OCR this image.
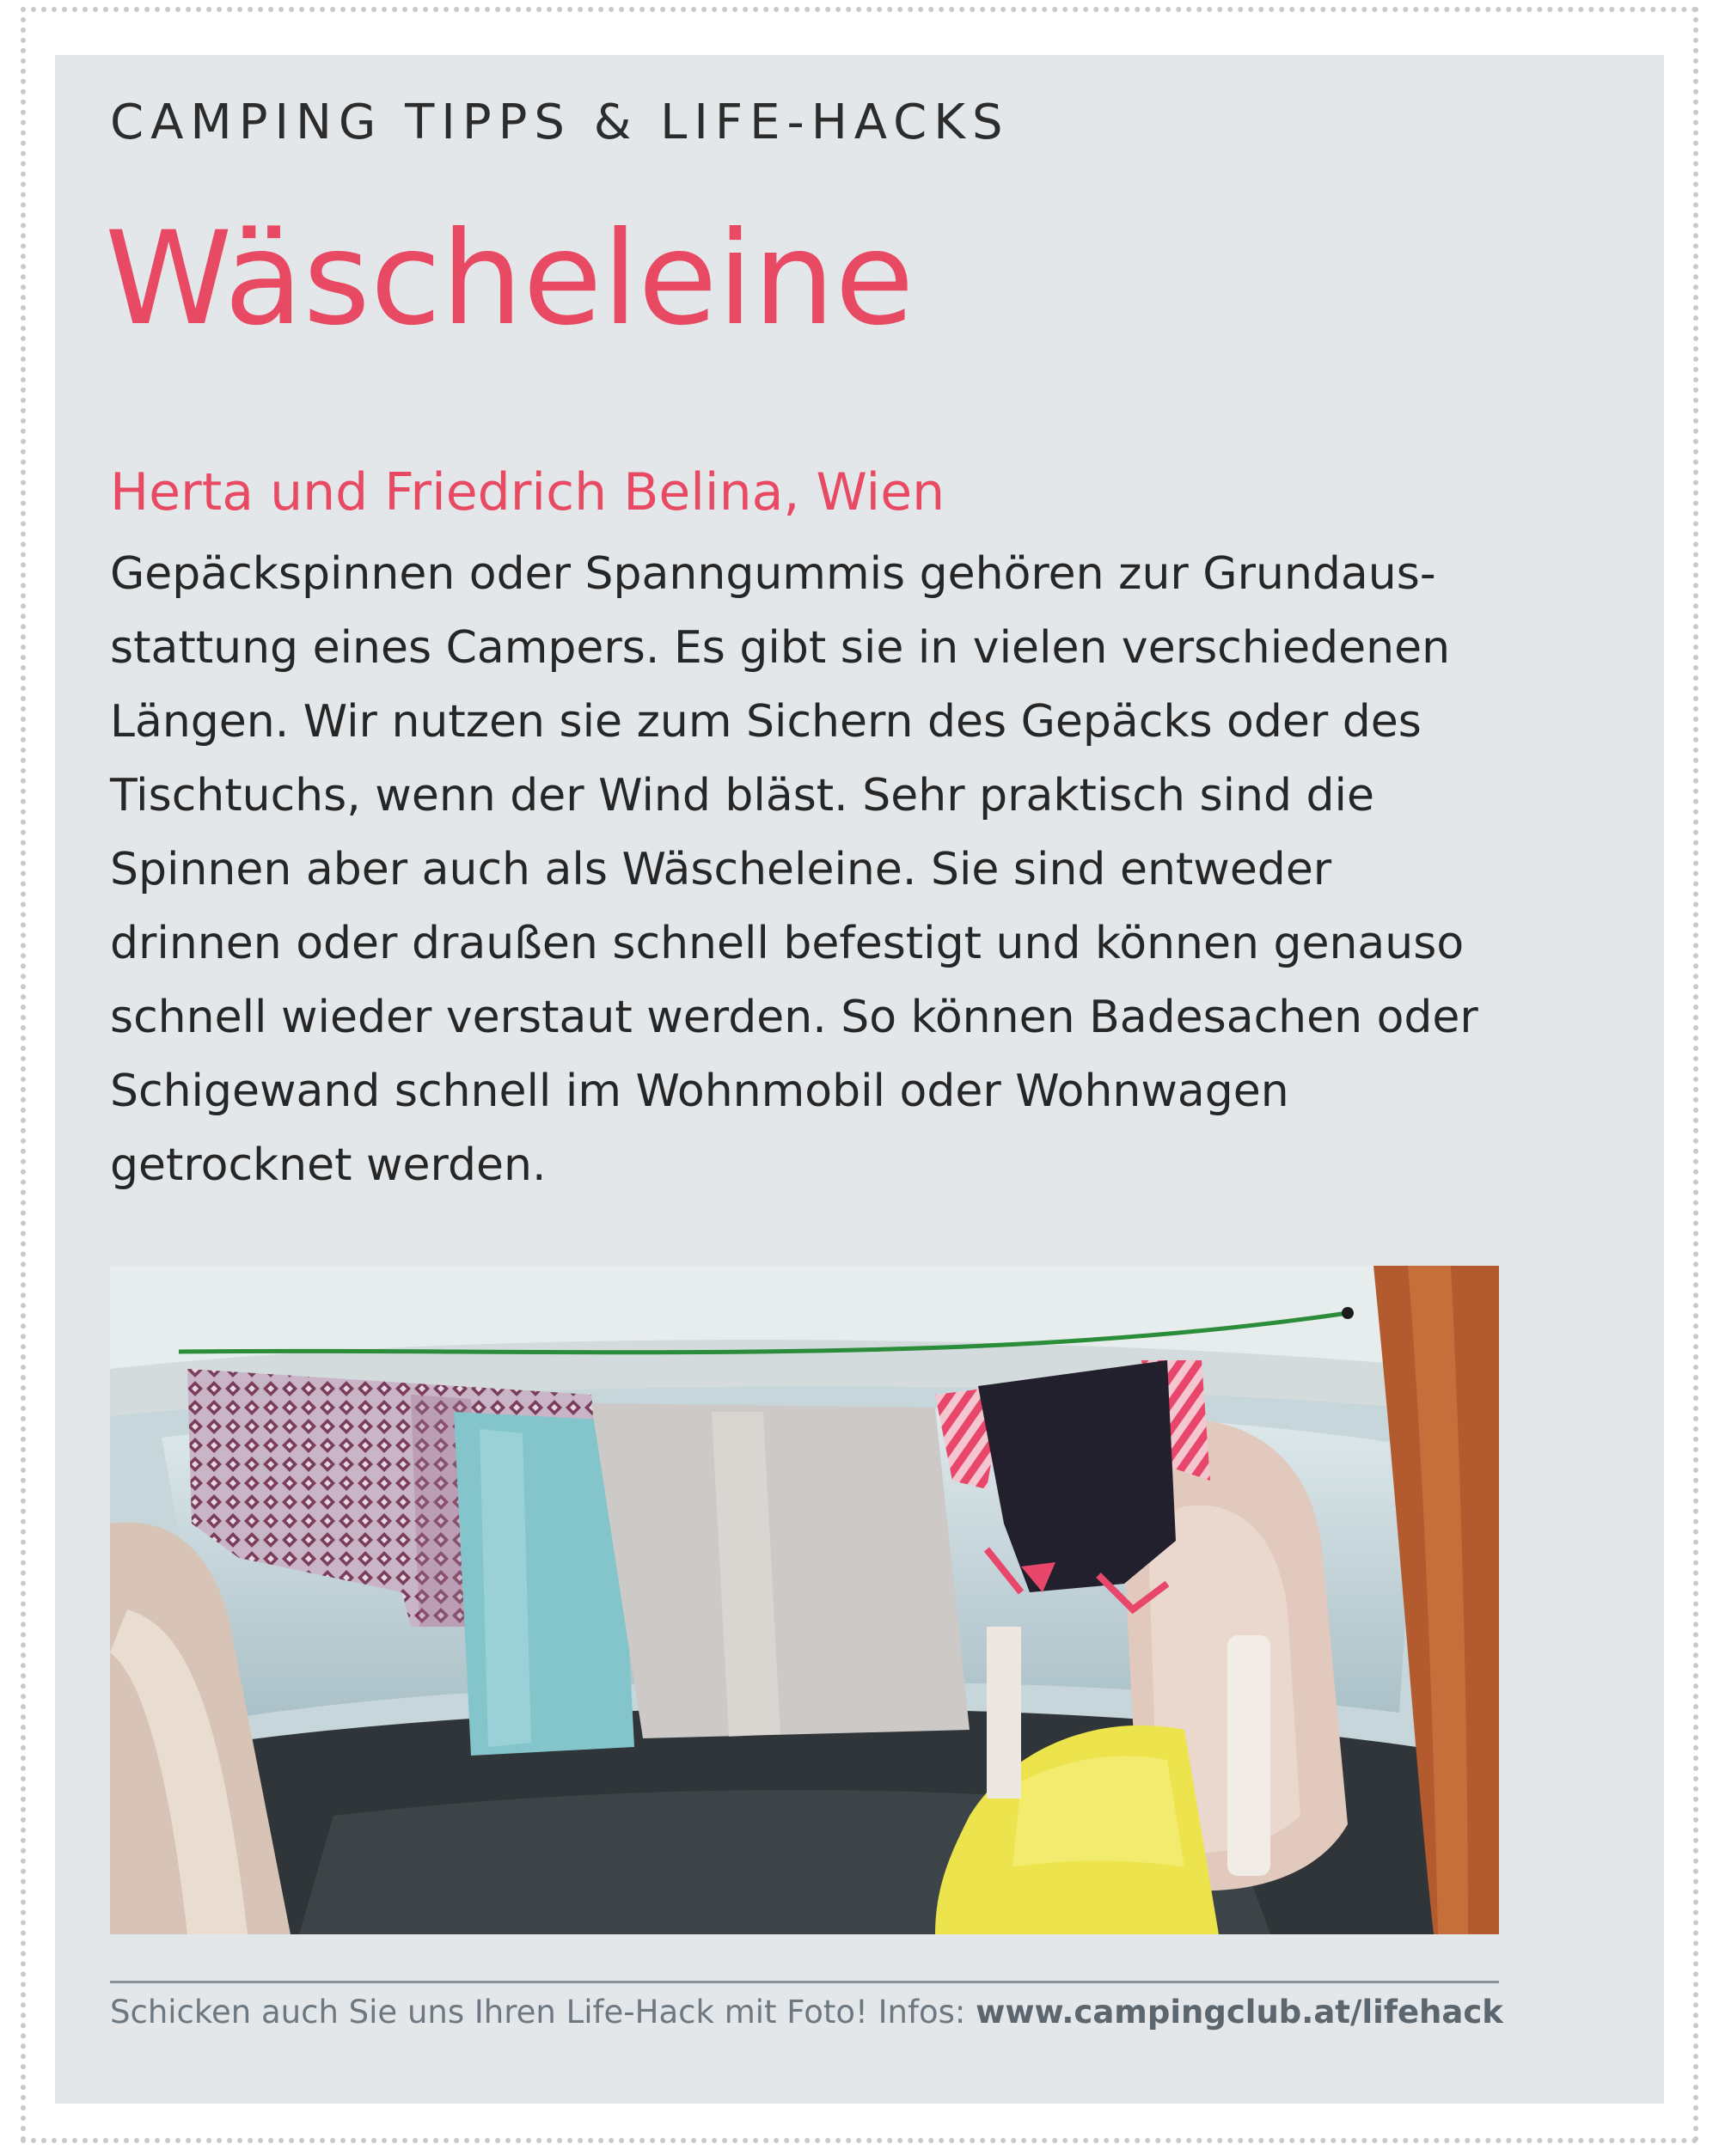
CAMPING TIPPS & LIFE-HACKS
Wäscheleine
Herta und Friedrich Belina, Wien

Gepäckspinnen oder Spanngummis gehören zur Grundaus-
stattung eines Campers. Es gibt sie in vielen verschiedenen
Längen. Wir nutzen sie zum Sichern des Gepäcks oder des
Tischtuchs, wenn der Wind bläst. Sehr praktisch sind die
Spinnen aber auch als Wäscheleine. Sie sind entweder
drinnen oder draußen schnell befestigt und können genauso
schnell wieder verstaut werden. So können Badesachen oder
Schigewand schnell im Wohnmobil oder Wohnwagen
getrocknet werden.

Schicken auch Sie uns Ihren Life-Hack mit Foto! Infos: www.campingclub.at/lifehack
